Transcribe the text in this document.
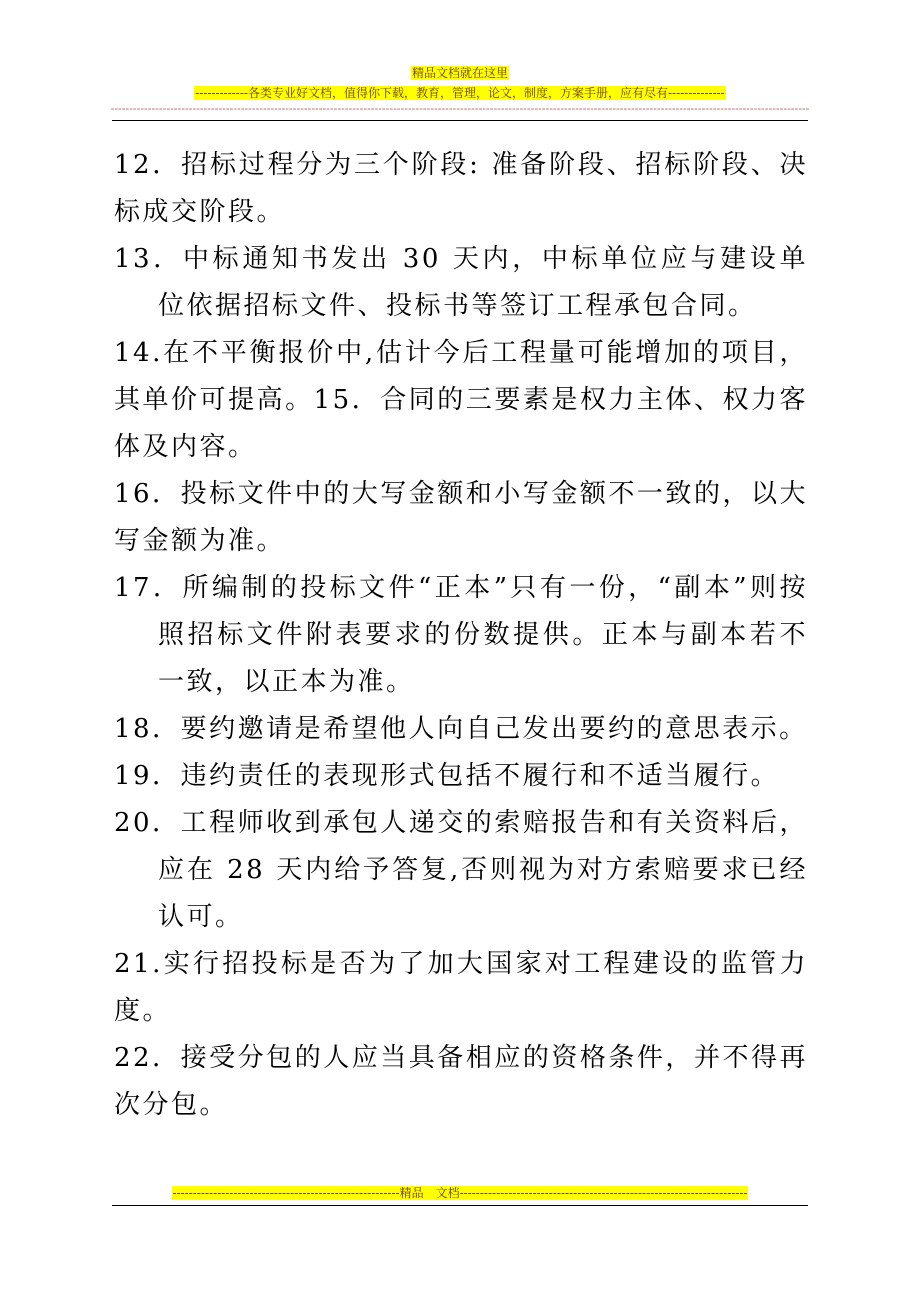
精品文档就在这里
-------------各类专业好文档，值得你下载，教育，管理，论文，制度，方案手册，应有尽有--------------
--------------------------------------------------------------------------------------------------------------------------------------------------------------------------------------------

12．招标过程分为三个阶段: 准备阶段、招标阶段、决标成交阶段。

13．中标通知书发出 30 天内，中标单位应与建设单位依据招标文件、投标书等签订工程承包合同。

14.在不平衡报价中,估计今后工程量可能增加的项目，其单价可提高。15．合同的三要素是权力主体、权力客体及内容。

16．投标文件中的大写金额和小写金额不一致的，以大写金额为准。

17．所编制的投标文件“正本”只有一份，“副本”则按照招标文件附表要求的份数提供。正本与副本若不一致，以正本为准。

18．要约邀请是希望他人向自己发出要约的意思表示。

19．违约责任的表现形式包括不履行和不适当履行。

20．工程师收到承包人递交的索赔报告和有关资料后，应在 28 天内给予答复,否则视为对方索赔要求已经认可。

21.实行招投标是否为了加大国家对工程建设的监管力度。

22．接受分包的人应当具备相应的资格条件，并不得再次分包。

--------------------------------------------------------精品　文档-----------------------------------------------------------------------
